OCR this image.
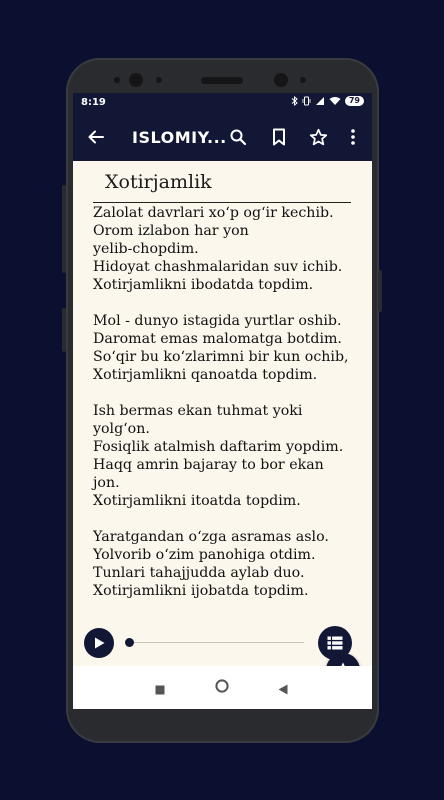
8:19	79
ISLOMIY...
Xotirjamlik
Zalolat davrlari xo‘p og‘ir kechib.
Orom izlabon har yon
yelib-chopdim.
Hidoyat chashmalaridan suv ichib.
Xotirjamlikni ibodatda topdim.
Mol - dunyo istagida yurtlar oshib.
Daromat emas malomatga botdim.
So‘qir bu ko‘zlarimni bir kun ochib,
Xotirjamlikni qanoatda topdim.
Ish bermas ekan tuhmat yoki
yolg‘on.
Fosiqlik atalmish daftarim yopdim.
Haqq amrin bajaray to bor ekan
jon.
Xotirjamlikni itoatda topdim.
Yaratgandan o‘zga asramas aslo.
Yolvorib o‘zim panohiga otdim.
Tunlari tahajjudda aylab duo.
Xotirjamlikni ijobatda topdim.
